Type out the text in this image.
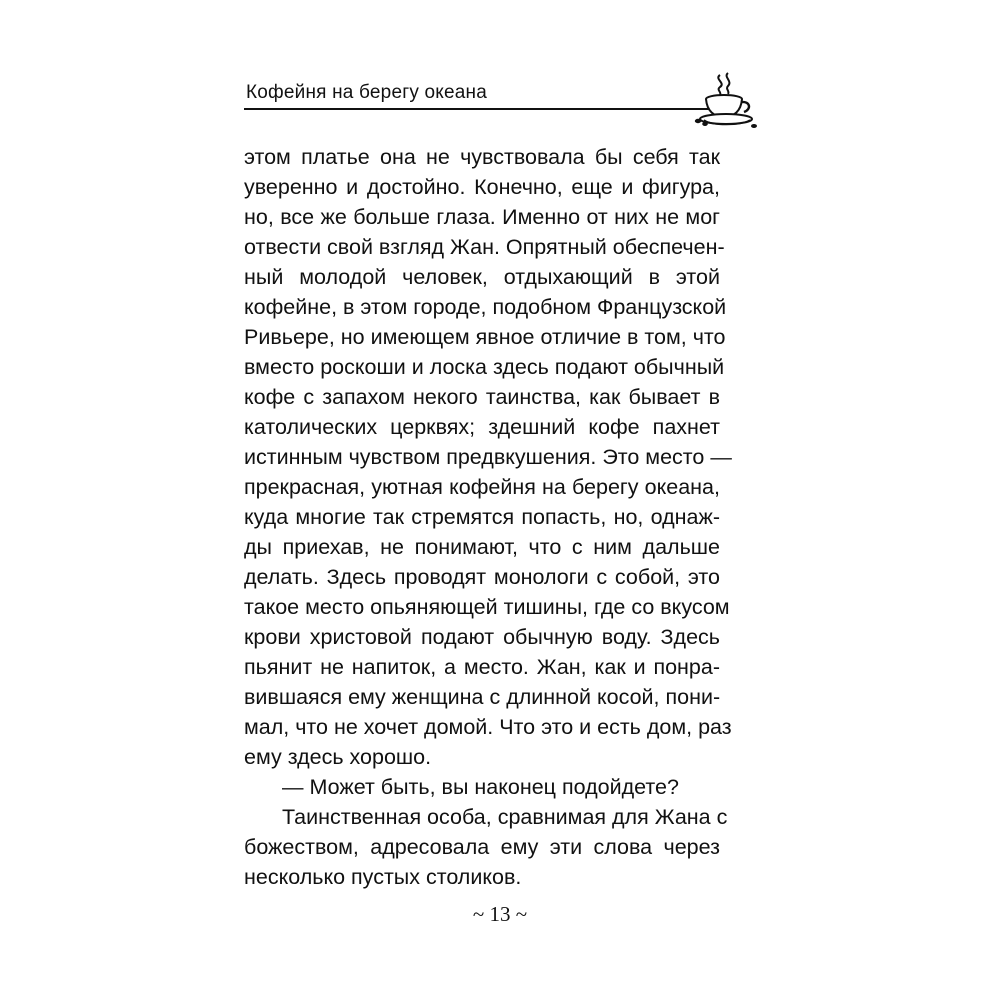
Кофейня на берегу океана
этом платье она не чувствовала бы себя так
уверенно и достойно. Конечно, еще и фигура,
но, все же больше глаза. Именно от них не мог
отвести свой взгляд Жан. Опрятный обеспечен-
ный молодой человек, отдыхающий в этой
кофейне, в этом городе, подобном Французской
Ривьере, но имеющем явное отличие в том, что
вместо роскоши и лоска здесь подают обычный
кофе с запахом некого таинства, как бывает в
католических церквях; здешний кофе пахнет
истинным чувством предвкушения. Это место —
прекрасная, уютная кофейня на берегу океана,
куда многие так стремятся попасть, но, однаж-
ды приехав, не понимают, что с ним дальше
делать. Здесь проводят монологи с собой, это
такое место опьяняющей тишины, где со вкусом
крови христовой подают обычную воду. Здесь
пьянит не напиток, а место. Жан, как и понра-
вившаяся ему женщина с длинной косой, пони-
мал, что не хочет домой. Что это и есть дом, раз
ему здесь хорошо.
— Может быть, вы наконец подойдете?
Таинственная особа, сравнимая для Жана с
божеством, адресовала ему эти слова через
несколько пустых столиков.
~ 13 ~
